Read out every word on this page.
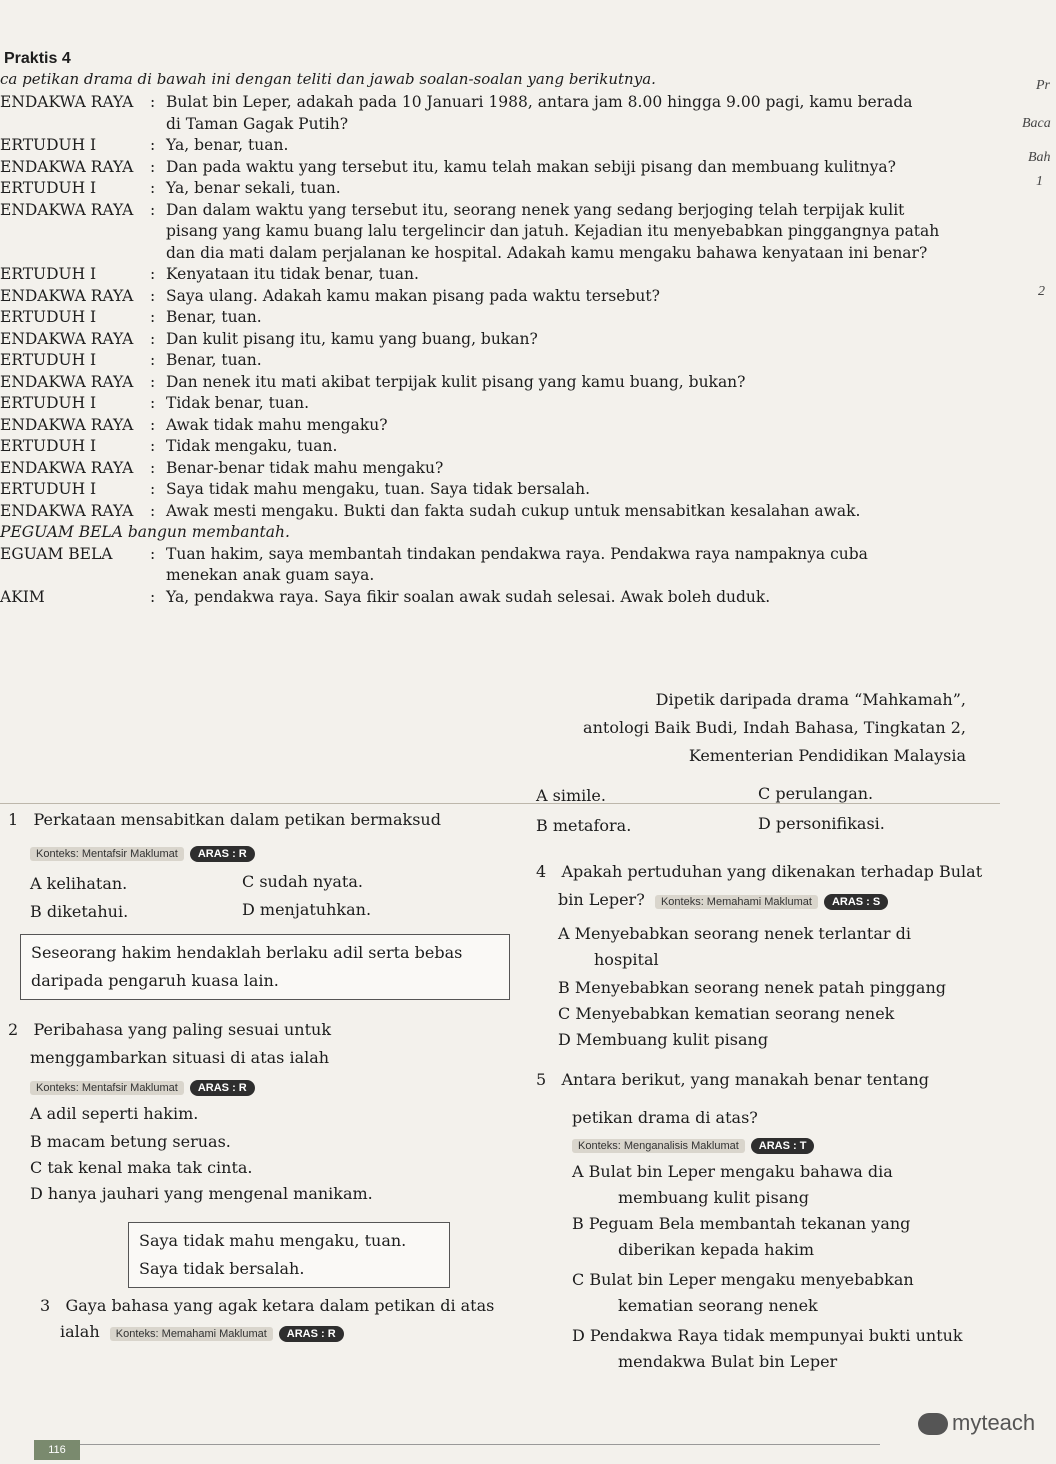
Praktis 4
ca petikan drama di bawah ini dengan teliti dan jawab soalan-soalan yang berikutnya.	Pr
Baca
Bah
1
2
ENDAKWA RAYA : Bulat bin Leper, adakah pada 10 Januari 1988, antara jam 8.00 hingga 9.00 pagi, kamu berada
di Taman Gagak Putih?
ERTUDUH I	: Ya, benar, tuan.
ENDAKWA RAYA : Dan pada waktu yang tersebut itu, kamu telah makan sebiji pisang dan membuang kulitnya?
ERTUDUH I	: Ya, benar sekali, tuan.
ENDAKWA RAYA : Dan dalam waktu yang tersebut itu, seorang nenek yang sedang berjoging telah terpijak kulit
pisang yang kamu buang lalu tergelincir dan jatuh. Kejadian itu menyebabkan pinggangnya patah
dan dia mati dalam perjalanan ke hospital. Adakah kamu mengaku bahawa kenyataan ini benar?
ERTUDUH I	: Kenyataan itu tidak benar, tuan.
ENDAKWA RAYA : Saya ulang. Adakah kamu makan pisang pada waktu tersebut?
ERTUDUH I	: Benar, tuan.
ENDAKWA RAYA : Dan kulit pisang itu, kamu yang buang, bukan?
ERTUDUH I	: Benar, tuan.
ENDAKWA RAYA : Dan nenek itu mati akibat terpijak kulit pisang yang kamu buang, bukan?
ERTUDUH I	: Tidak benar, tuan.
ENDAKWA RAYA : Awak tidak mahu mengaku?
ERTUDUH I	: Tidak mengaku, tuan.
ENDAKWA RAYA : Benar-benar tidak mahu mengaku?
ERTUDUH I	: Saya tidak mahu mengaku, tuan. Saya tidak bersalah.
ENDAKWA RAYA : Awak mesti mengaku. Bukti dan fakta sudah cukup untuk mensabitkan kesalahan awak.
PEGUAM BELA bangun membantah.
EGUAM BELA : Tuan hakim, saya membantah tindakan pendakwa raya. Pendakwa raya nampaknya cuba
menekan anak guam saya.
AKIM	: Ya, pendakwa raya. Saya fikir soalan awak sudah selesai. Awak boleh duduk.
Dipetik daripada drama “Mahkamah”,
antologi Baik Budi, Indah Bahasa, Tingkatan 2,
Kementerian Pendidikan Malaysia
1 Perkataan mensabitkan dalam petikan bermaksud
Konteks: Mentafsir Maklumat ARAS : R
A kelihatan.
B diketahui.
C sudah nyata.
D menjatuhkan.
A simile.
B metafora.
C perulangan.
D personifikasi.
Seseorang hakim hendaklah berlaku adil serta bebas daripada pengaruh kuasa lain.
2 Peribahasa yang paling sesuai untuk
menggambarkan situasi di atas ialah
Konteks: Mentafsir Maklumat ARAS : R
A adil seperti hakim.
B macam betung seruas.
C tak kenal maka tak cinta.
D hanya jauhari yang mengenal manikam.
Saya tidak mahu mengaku, tuan.
Saya tidak bersalah.
3 Gaya bahasa yang agak ketara dalam petikan di atas
ialah Konteks: Memahami Maklumat ARAS : R
4 Apakah pertuduhan yang dikenakan terhadap Bulat
bin Leper? Konteks: Memahami Maklumat ARAS : S
A Menyebabkan seorang nenek terlantar di
hospital
B Menyebabkan seorang nenek patah pinggang
C Menyebabkan kematian seorang nenek
D Membuang kulit pisang
5 Antara berikut, yang manakah benar tentang
petikan drama di atas?
Konteks: Menganalisis Maklumat ARAS : T
A Bulat bin Leper mengaku bahawa dia
membuang kulit pisang
B Peguam Bela membantah tekanan yang
diberikan kepada hakim
C Bulat bin Leper mengaku menyebabkan
kematian seorang nenek
D Pendakwa Raya tidak mempunyai bukti untuk
mendakwa Bulat bin Leper
myteach
116
